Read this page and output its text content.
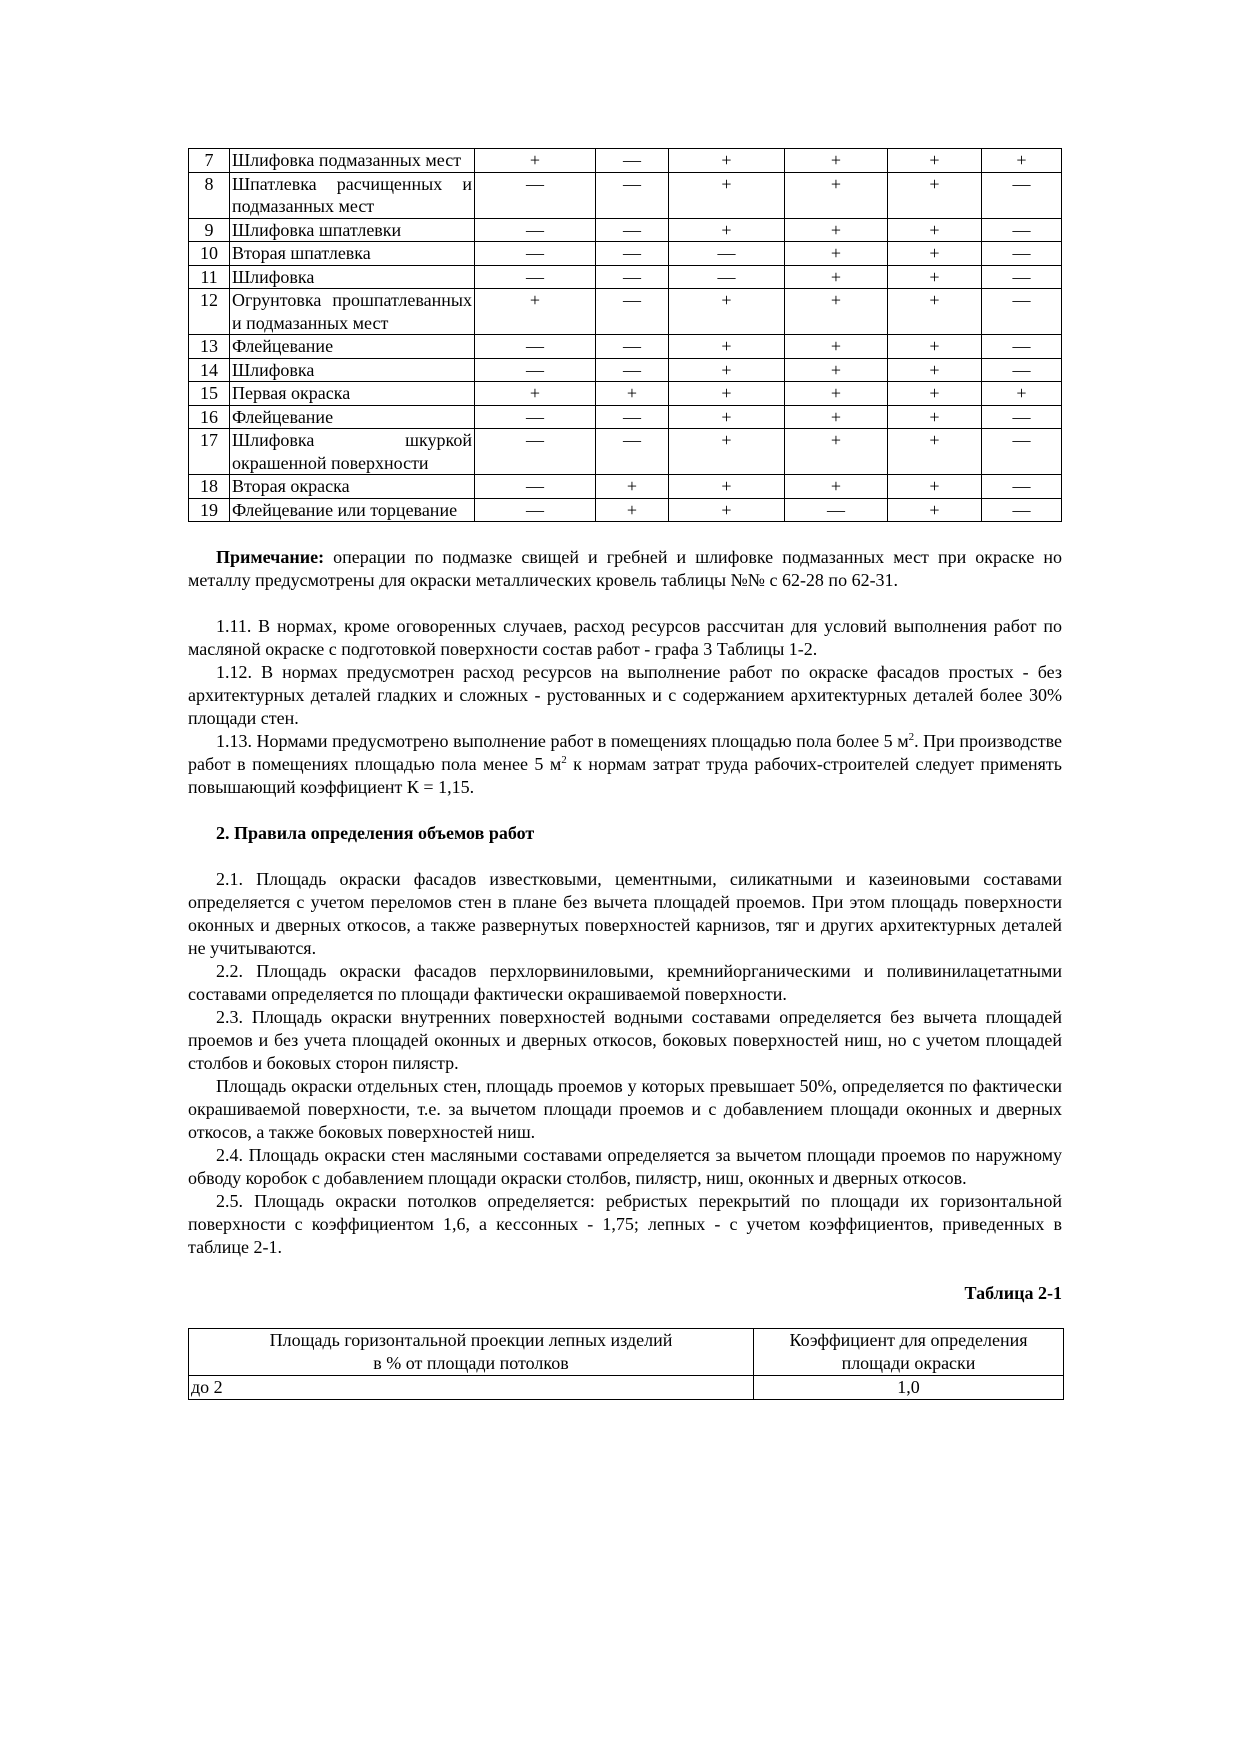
7	Шлифовка подмазанных мест	+	—	+	+	+	+
8	Шпатлевка расчищенных и подмазанных мест	—	—	+	+	+	—
9	Шлифовка шпатлевки	—	—	+	+	+	—
10	Вторая шпатлевка	—	—	—	+	+	—
11	Шлифовка	—	—	—	+	+	—
12	Огрунтовка прошпатлеванных и подмазанных мест	+	—	+	+	+	—
13	Флейцевание	—	—	+	+	+	—
14	Шлифовка	—	—	+	+	+	—
15	Первая окраска	+	+	+	+	+	+
16	Флейцевание	—	—	+	+	+	—
17	Шлифовка шкуркой окрашенной поверхности	—	—	+	+	+	—
18	Вторая окраска	—	+	+	+	+	—
19	Флейцевание или торцевание	—	+	+	—	+	—

Примечание: операции по подмазке свищей и гребней и шлифовке подмазанных мест при окраске но металлу предусмотрены для окраски металлических кровель таблицы №№ с 62-28 по 62-31.

1.11. В нормах, кроме оговоренных случаев, расход ресурсов рассчитан для условий выполнения работ по масляной окраске с подготовкой поверхности состав работ - графа 3 Таблицы 1-2.

1.12. В нормах предусмотрен расход ресурсов на выполнение работ по окраске фасадов простых - без архитектурных деталей гладких и сложных - рустованных и с содержанием архитектурных деталей более 30% площади стен.

1.13. Нормами предусмотрено выполнение работ в помещениях площадью пола более 5 $м^2$. При производстве работ в помещениях площадью пола менее 5 $м^2$ к нормам затрат труда рабочих-строителей следует применять повышающий коэффициент К = 1,15.

2. Правила определения объемов работ

2.1. Площадь окраски фасадов известковыми, цементными, силикатными и казеиновыми составами определяется с учетом переломов стен в плане без вычета площадей проемов. При этом площадь поверхности оконных и дверных откосов, а также развернутых поверхностей карнизов, тяг и других архитектурных деталей не учитываются.

2.2. Площадь окраски фасадов перхлорвиниловыми, кремнийорганическими и поливинилацетатными составами определяется по площади фактически окрашиваемой поверхности.

2.3. Площадь окраски внутренних поверхностей водными составами определяется без вычета площадей проемов и без учета площадей оконных и дверных откосов, боковых поверхностей ниш, но с учетом площадей столбов и боковых сторон пилястр.

Площадь окраски отдельных стен, площадь проемов у которых превышает 50%, определяется по фактически окрашиваемой поверхности, т.е. за вычетом площади проемов и с добавлением площади оконных и дверных откосов, а также боковых поверхностей ниш.

2.4. Площадь окраски стен масляными составами определяется за вычетом площади проемов по наружному обводу коробок с добавлением площади окраски столбов, пилястр, ниш, оконных и дверных откосов.

2.5. Площадь окраски потолков определяется: ребристых перекрытий по площади их горизонтальной поверхности с коэффициентом 1,6, а кессонных - 1,75; лепных - с учетом коэффициентов, приведенных в таблице 2-1.

Таблица 2-1

Площадь горизонтальной проекции лепных изделий
в % от площади потолков	Коэффициент для определения
площади окраски
до 2	1,0
